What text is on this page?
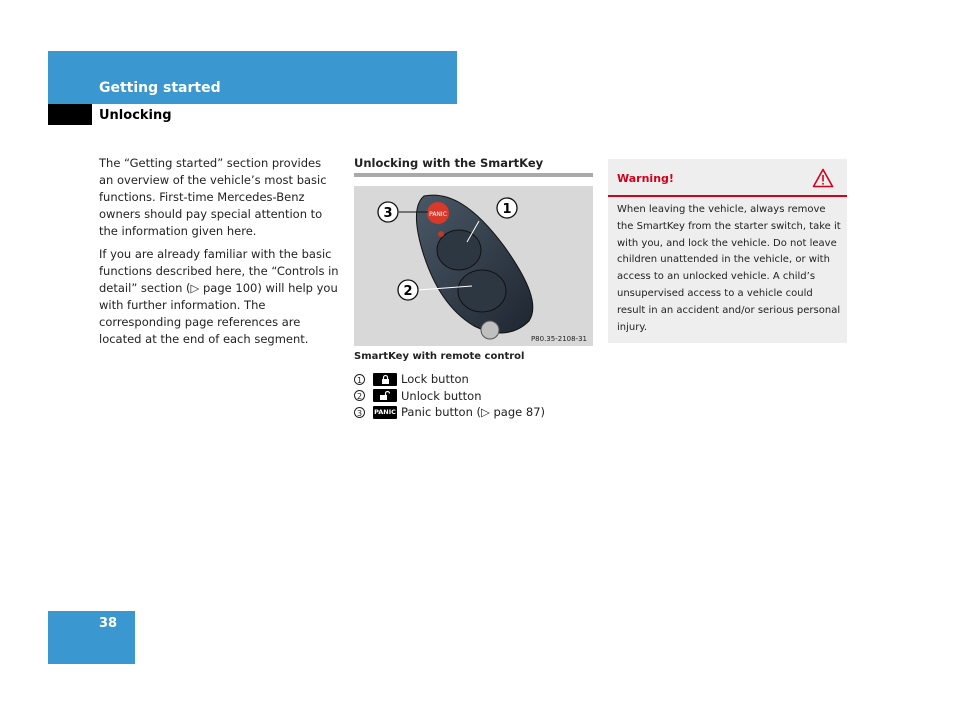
Getting started
Unlocking

The “Getting started” section provides an overview of the vehicle’s most basic functions. First-time Mercedes-Benz owners should pay special attention to the information given here.

If you are already familiar with the basic functions described here, the “Controls in detail” section (▷ page 100) will help you with further information. The corresponding page references are located at the end of each segment.

Unlocking with the SmartKey
PANIC
3	1
2
P80.35-2108-31
SmartKey with remote control
1	Lock button
2	Unlock button
3	PANIC Panic button (▷ page 87)
Warning!
When leaving the vehicle, always remove the SmartKey from the starter switch, take it with you, and lock the vehicle. Do not leave children unattended in the vehicle, or with access to an unlocked vehicle. A child’s unsupervised access to a vehicle could result in an accident and/or serious personal injury.
38
